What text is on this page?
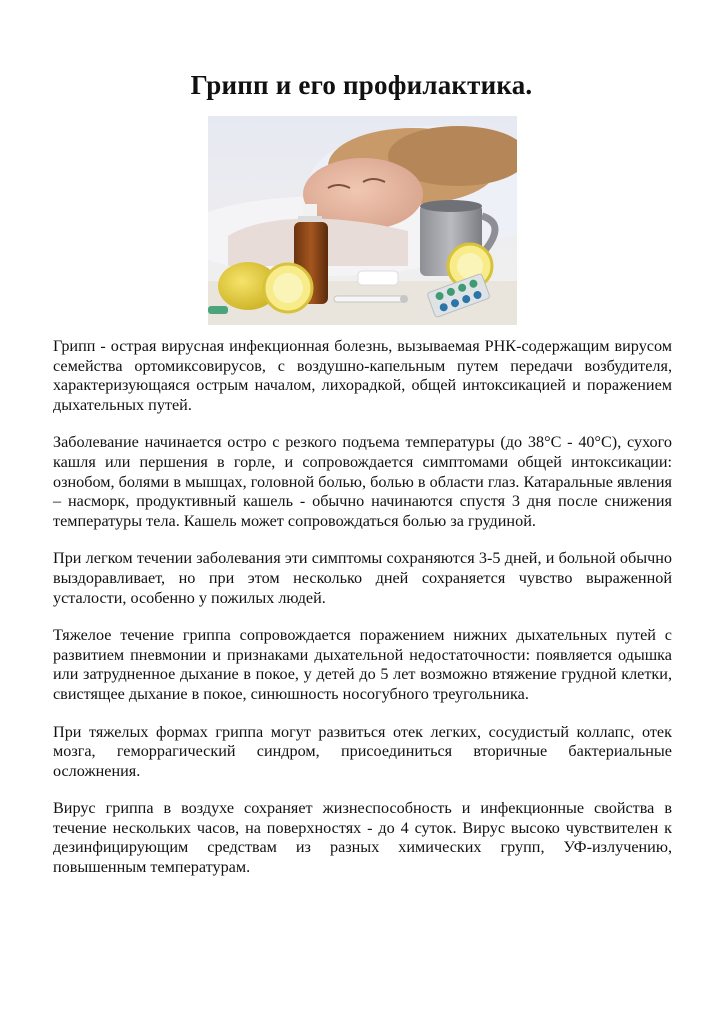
Грипп и его профилактика.

Грипп - острая вирусная инфекционная болезнь, вызываемая РНК-содержащим вирусом семейства ортомиксовирусов, с воздушно-капельным путем передачи возбудителя, характеризующаяся острым началом, лихорадкой, общей интоксикацией и поражением дыхательных путей.

Заболевание начинается остро с резкого подъема температуры (до 38°С - 40°С), сухого кашля или першения в горле, и сопровождается симптомами общей интоксикации: ознобом, болями в мышцах, головной болью, болью в области глаз. Катаральные явления – насморк, продуктивный кашель - обычно начинаются спустя 3 дня после снижения температуры тела. Кашель может сопровождаться болью за грудиной.

При легком течении заболевания эти симптомы сохраняются 3-5 дней, и больной обычно выздоравливает, но при этом несколько дней сохраняется чувство выраженной усталости, особенно у пожилых людей.

Тяжелое течение гриппа сопровождается поражением нижних дыхательных путей с развитием пневмонии и признаками дыхательной недостаточности: появляется одышка или затрудненное дыхание в покое, у детей до 5 лет возможно втяжение грудной клетки, свистящее дыхание в покое, синюшность носогубного треугольника.

При тяжелых формах гриппа могут развиться отек легких, сосудистый коллапс, отек мозга, геморрагический синдром, присоединиться вторичные бактериальные осложнения.

Вирус гриппа в воздухе сохраняет жизнеспособность и инфекционные свойства в течение нескольких часов, на поверхностях - до 4 суток. Вирус высоко чувствителен к дезинфицирующим средствам из разных химических групп, УФ-излучению, повышенным температурам.
